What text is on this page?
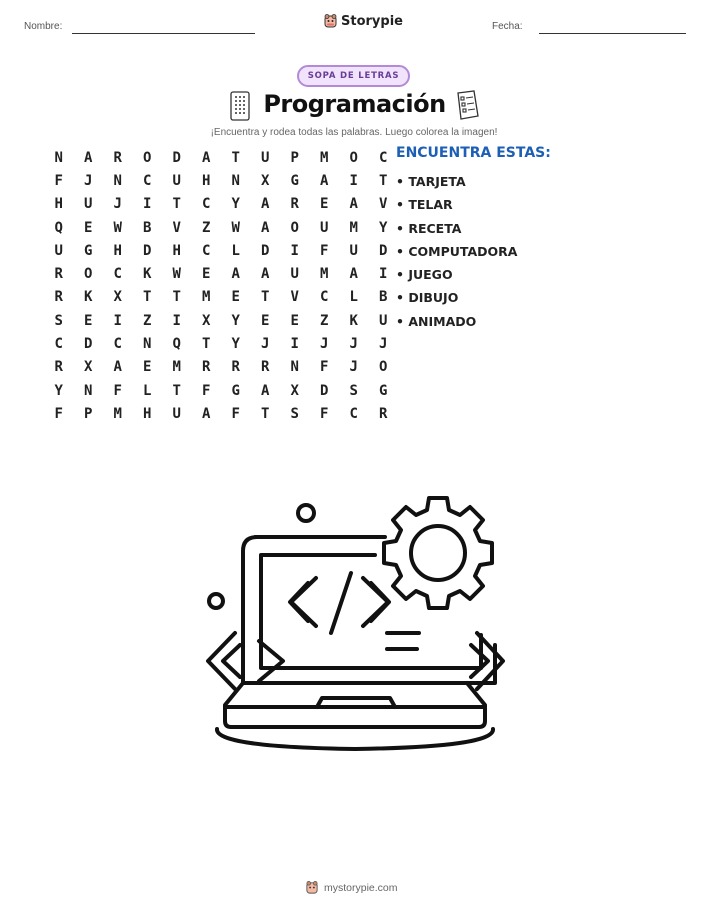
Nombre:	Storypie	Fecha:
SOPA DE LETRAS
Programación
¡Encuentra y rodea todas las palabras. Luego colorea la imagen!
N	A	R	O	D	A	T	U	P	M	O	C
F	J	N	C	U	H	N	X	G	A	I	T
H	U	J	I	T	C	Y	A	R	E	A	V
Q	E	W	B	V	Z	W	A	O	U	M	Y
U	G	H	D	H	C	L	D	I	F	U	D
R	O	C	K	W	E	A	A	U	M	A	I
R	K	X	T	T	M	E	T	V	C	L	B
S	E	I	Z	I	X	Y	E	E	Z	K	U
C	D	C	N	Q	T	Y	J	I	J	J	J
R	X	A	E	M	R	R	R	N	F	J	O
Y	N	F	L	T	F	G	A	X	D	S	G
F	P	M	H	U	A	F	T	S	F	C	R
ENCUENTRA ESTAS:
• TARJETA
• TELAR
• RECETA
• COMPUTADORA
• JUEGO
• DIBUJO
• ANIMADO
mystorypie.com
